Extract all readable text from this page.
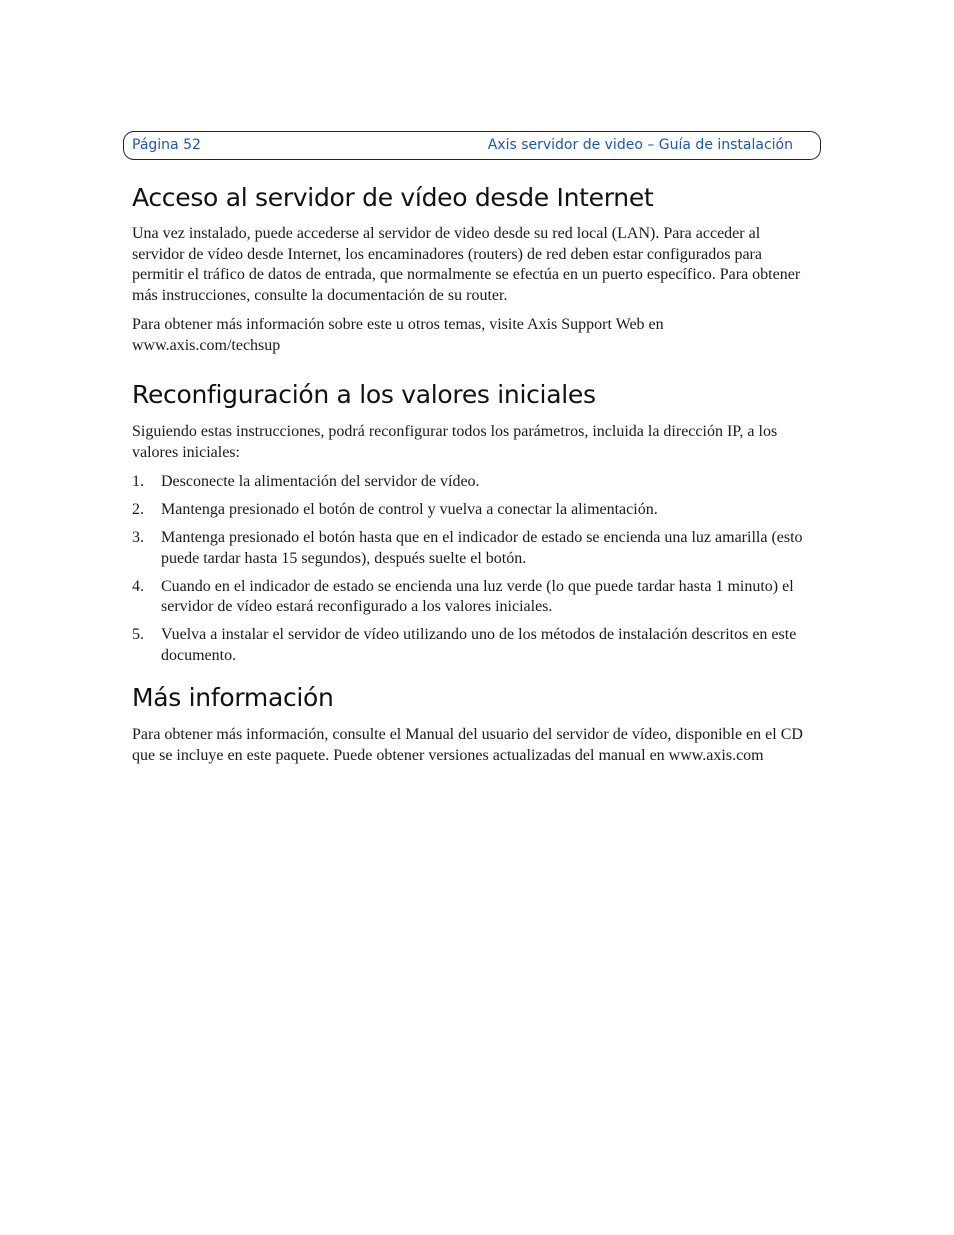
Página 52	Axis servidor de video – Guía de instalación
Acceso al servidor de vídeo desde Internet

Una vez instalado, puede accederse al servidor de video desde su red local (LAN). Para acceder al servidor de vídeo desde Internet, los encaminadores (routers) de red deben estar configurados para permitir el tráfico de datos de entrada, que normalmente se efectúa en un puerto específico. Para obtener más instrucciones, consulte la documentación de su router.

Para obtener más información sobre este u otros temas, visite Axis Support Web en www.axis.com/techsup

Reconfiguración a los valores iniciales

Siguiendo estas instrucciones, podrá reconfigurar todos los parámetros, incluida la dirección IP, a los valores iniciales:

1. Desconecte la alimentación del servidor de vídeo.
2. Mantenga presionado el botón de control y vuelva a conectar la alimentación.
3. Mantenga presionado el botón hasta que en el indicador de estado se encienda una luz amarilla (esto puede tardar hasta 15 segundos), después suelte el botón.
4. Cuando en el indicador de estado se encienda una luz verde (lo que puede tardar hasta 1 minuto) el servidor de vídeo estará reconfigurado a los valores iniciales.
5. Vuelva a instalar el servidor de vídeo utilizando uno de los métodos de instalación descritos en este documento.
Más información

Para obtener más información, consulte el Manual del usuario del servidor de vídeo, disponible en el CD que se incluye en este paquete. Puede obtener versiones actualizadas del manual en www.axis.com
